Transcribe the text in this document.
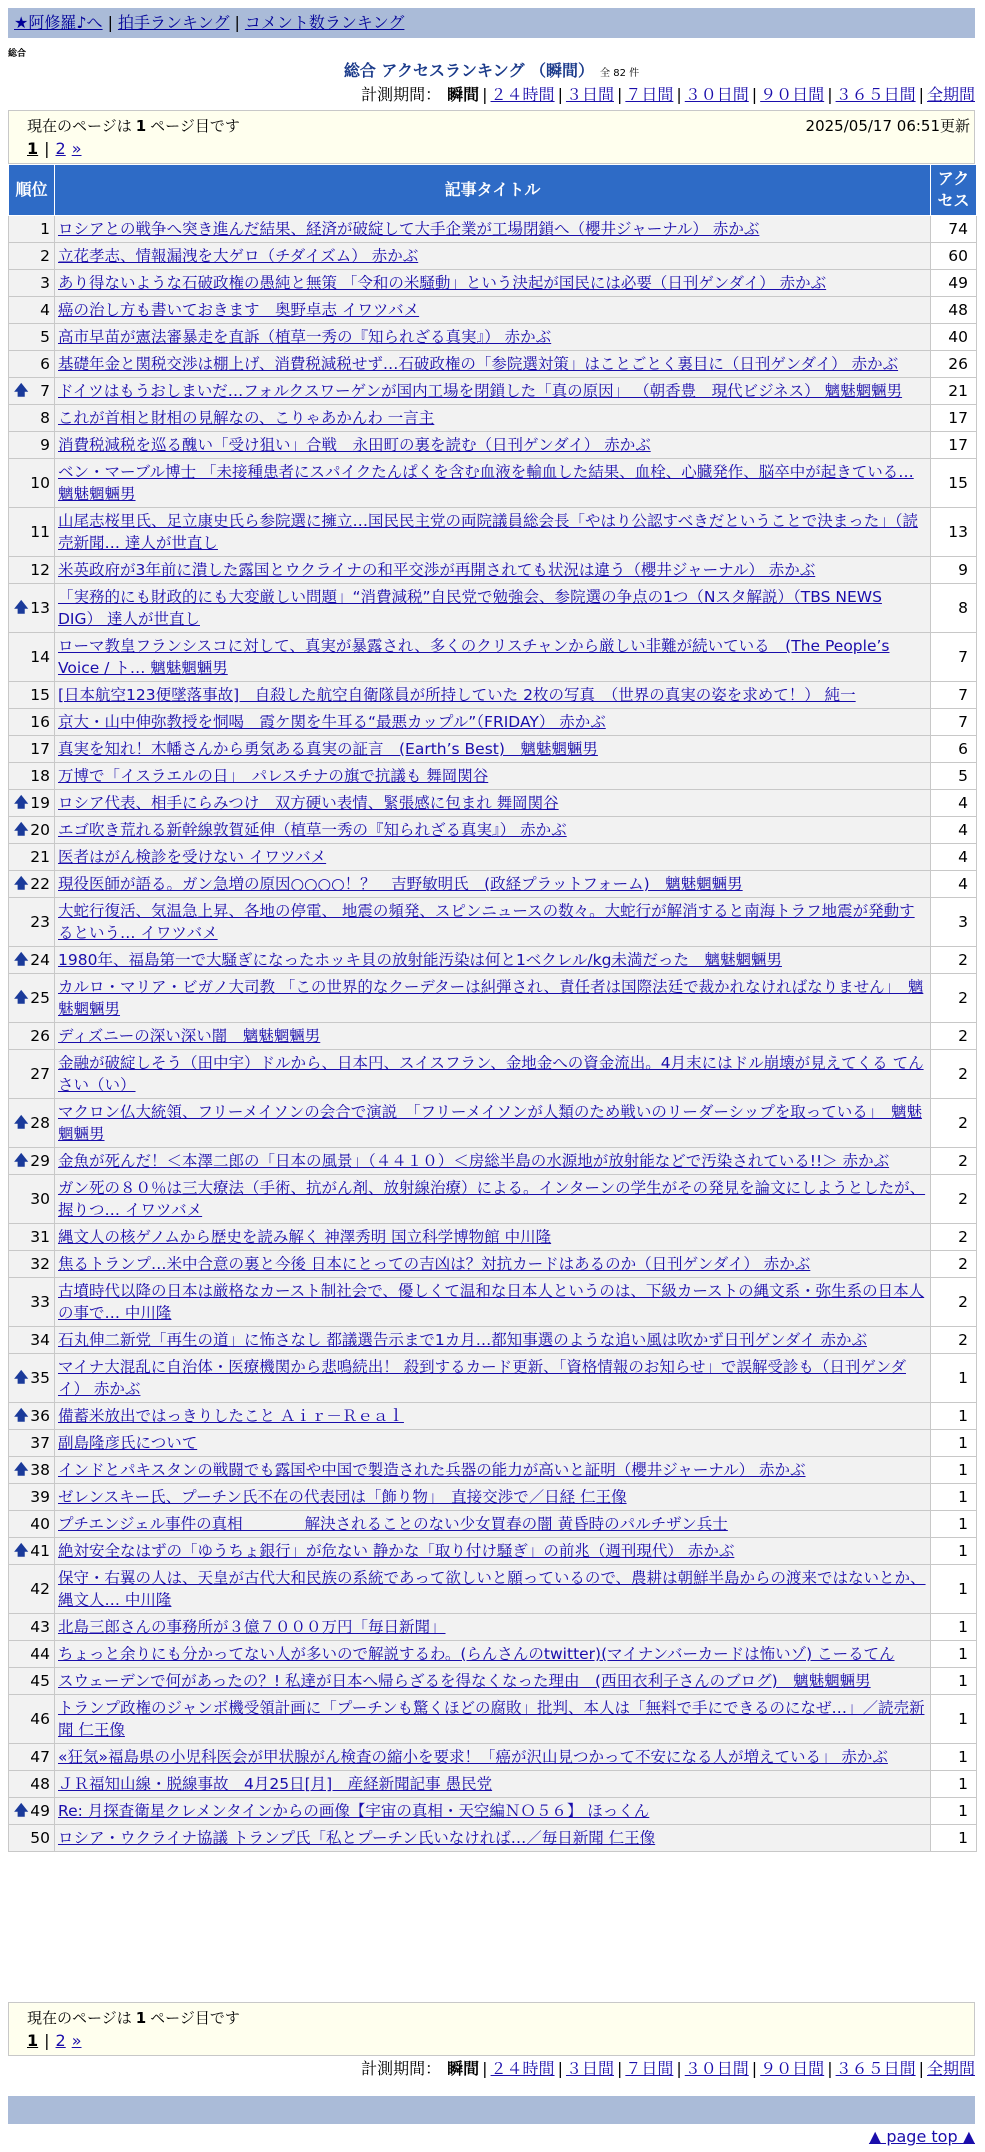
★阿修羅♪へ | 拍手ランキング | コメント数ランキング
総合
総合 アクセスランキング （瞬間） 全 82 件
計測期間： 瞬間 | ２４時間 | ３日間 | ７日間 | ３０日間 | ９０日間 | ３６５日間 | 全期間
現在のページは 1 ページ目です	2025/05/17 06:51更新
1 | 2 »
順位	記事タイトル	アクセス
1	ロシアとの戦争へ突き進んだ結果、経済が破綻して大手企業が工場閉鎖へ（櫻井ジャーナル） 赤かぶ	74
2	立花孝志、情報漏洩を大ゲロ（チダイズム） 赤かぶ	60
3	あり得ないような石破政権の愚純と無策 「令和の米騒動」という決起が国民には必要（日刊ゲンダイ） 赤かぶ	49
4	癌の治し方も書いておきます　奥野卓志 イワツバメ	48
5	高市早苗が憲法審暴走を直訴（植草一秀の『知られざる真実』） 赤かぶ	40
6	基礎年金と関税交渉は棚上げ、消費税減税せず…石破政権の「参院選対策」はことごとく裏目に（日刊ゲンダイ） 赤かぶ	26

🡅 7	ドイツはもうおしまいだ…フォルクスワーゲンが国内工場を閉鎖した「真の原因」 （朝香豊　現代ビジネス） 魑魅魍魎男	21
8	これが首相と財相の見解なの、こりゃあかんわ 一言主	17
9	消費税減税を巡る醜い「受け狙い」合戦　永田町の裏を読む（日刊ゲンダイ） 赤かぶ	17
10	ベン・マーブル博士 「未接種患者にスパイクたんぱくを含む血液を輸血した結果、血栓、心臓発作、脳卒中が起きている… 魑魅魍魎男	15
11	山尾志桜里氏、足立康史氏ら参院選に擁立…国民民主党の両院議員総会長「やはり公認すべきだということで決まった」（読売新聞… 達人が世直し	13
12	米英政府が3年前に潰した露国とウクライナの和平交渉が再開されても状況は違う（櫻井ジャーナル） 赤かぶ	9

🡅 13	「実務的にも財政的にも大変厳しい問題」“消費減税”自民党で勉強会、参院選の争点の1つ（Nスタ解説）（TBS NEWS DIG） 達人が世直し	8
14	ローマ教皇フランシスコに対して、真実が暴露され、多くのクリスチャンから厳しい非難が続いている　(The People’s Voice / ト… 魑魅魍魎男	7
15	[日本航空123便墜落事故]　自殺した航空自衛隊員が所持していた 2枚の写真　（世界の真実の姿を求めて！） 純一	7
16	京大・山中伸弥教授を恫喝　霞ケ関を牛耳る“最悪カップル”（FRIDAY） 赤かぶ	7
17	真実を知れ！木幡さんから勇気ある真実の証言　(Earth’s Best)　魑魅魍魎男	6
18	万博で「イスラエルの日」　パレスチナの旗で抗議も 舞岡関谷	5

🡅 19	ロシア代表、相手にらみつけ　双方硬い表情、緊張感に包まれ 舞岡関谷	4

🡅 20	エゴ吹き荒れる新幹線敦賀延伸（植草一秀の『知られざる真実』） 赤かぶ	4
21	医者はがん検診を受けない イワツバメ	4

🡅 22	現役医師が語る。ガン急増の原因○○○○！？　吉野敏明氏　(政経プラットフォーム)　魑魅魍魎男	4
23	大蛇行復活、気温急上昇、各地の停電、 地震の頻発、スピンニュースの数々。大蛇行が解消すると南海トラフ地震が発動するという… イワツバメ	3

🡅 24	1980年、福島第一で大騒ぎになったホッキ貝の放射能汚染は何と1ベクレル/kg未満だった　魑魅魍魎男	2

🡅 25	カルロ・マリア・ビガノ大司教 「この世界的なクーデターは糾弾され、責任者は国際法廷で裁かれなければなりません」　魑魅魍魎男	2
26	ディズニーの深い深い闇　魑魅魍魎男	2
27	金融が破綻しそう（田中宇）ドルから、日本円、スイスフラン、金地金への資金流出。4月末にはドル崩壊が見えてくる てんさい（い）	2

🡅 28	マクロン仏大統領、フリーメイソンの会合で演説　「フリーメイソンが人類のため戦いのリーダーシップを取っている」　魑魅魍魎男	2

🡅 29	金魚が死んだ！＜本澤二郎の「日本の風景」（４４１０）＜房総半島の水源地が放射能などで汚染されている!!＞ 赤かぶ	2
30	ガン死の８０％は三大療法（手術、抗がん剤、放射線治療）による。インターンの学生がその発見を論文にしようとしたが、握りつ… イワツバメ	2
31	縄文人の核ゲノムから歴史を読み解く 神澤秀明 国立科学博物館 中川隆	2
32	焦るトランプ…米中合意の裏と今後 日本にとっての吉凶は？対抗カードはあるのか（日刊ゲンダイ） 赤かぶ	2
33	古墳時代以降の日本は厳格なカースト制社会で、優しくて温和な日本人というのは、下級カーストの縄文系・弥生系の日本人の事で… 中川隆	2
34	石丸伸二新党「再生の道」に怖さなし 都議選告示まで1カ月…都知事選のような追い風は吹かず日刊ゲンダイ 赤かぶ	2

🡅 35	マイナ大混乱に自治体・医療機関から悲鳴続出！ 殺到するカード更新、「資格情報のお知らせ」で誤解受診も（日刊ゲンダイ） 赤かぶ	1

🡅 36	備蓄米放出ではっきりしたこと Ａｉｒ－Ｒｅａｌ	1
37	副島隆彦氏について	1

🡅 38	インドとパキスタンの戦闘でも露国や中国で製造された兵器の能力が高いと証明（櫻井ジャーナル） 赤かぶ	1
39	ゼレンスキー氏、プーチン氏不在の代表団は「飾り物」　直接交渉で／日経 仁王像	1
40	プチエンジェル事件の真相　　　　解決されることのない少女買春の闇 黄昏時のパルチザン兵士	1

🡅 41	絶対安全なはずの「ゆうちょ銀行」が危ない 静かな「取り付け騒ぎ」の前兆（週刊現代） 赤かぶ	1
42	保守・右翼の人は、天皇が古代大和民族の系統であって欲しいと願っているので、農耕は朝鮮半島からの渡来ではないとか、縄文人… 中川隆	1
43	北島三郎さんの事務所が３億７０００万円「毎日新聞」	1
44	ちょっと余りにも分かってない人が多いので解説するわ。(らんさんのtwitter)(マイナンバーカードは怖いゾ) こーるてん	1
45	スウェーデンで何があったの？! 私達が日本へ帰らざるを得なくなった理由　(西田衣利子さんのブログ)　魑魅魍魎男	1
46	トランプ政権のジャンボ機受領計画に「プーチンも驚くほどの腐敗」批判、本人は「無料で手にできるのになぜ…」／読売新聞 仁王像	1
47	«狂気»福島県の小児科医会が甲状腺がん検査の縮小を要求！「癌が沢山見つかって不安になる人が増えている」 赤かぶ	1
48	ＪＲ福知山線・脱線事故　4月25日[月]　産経新聞記事 愚民党	1

🡅 49	Re: 月探査衛星クレメンタインからの画像【宇宙の真相・天空編ＮＯ５６】 ほっくん	1
50	ロシア・ウクライナ協議 トランプ氏「私とプーチン氏いなければ…／毎日新聞 仁王像	1
現在のページは 1 ページ目です
1 | 2 »
計測期間： 瞬間 | ２４時間 | ３日間 | ７日間 | ３０日間 | ９０日間 | ３６５日間 | 全期間
▲ page top ▲
